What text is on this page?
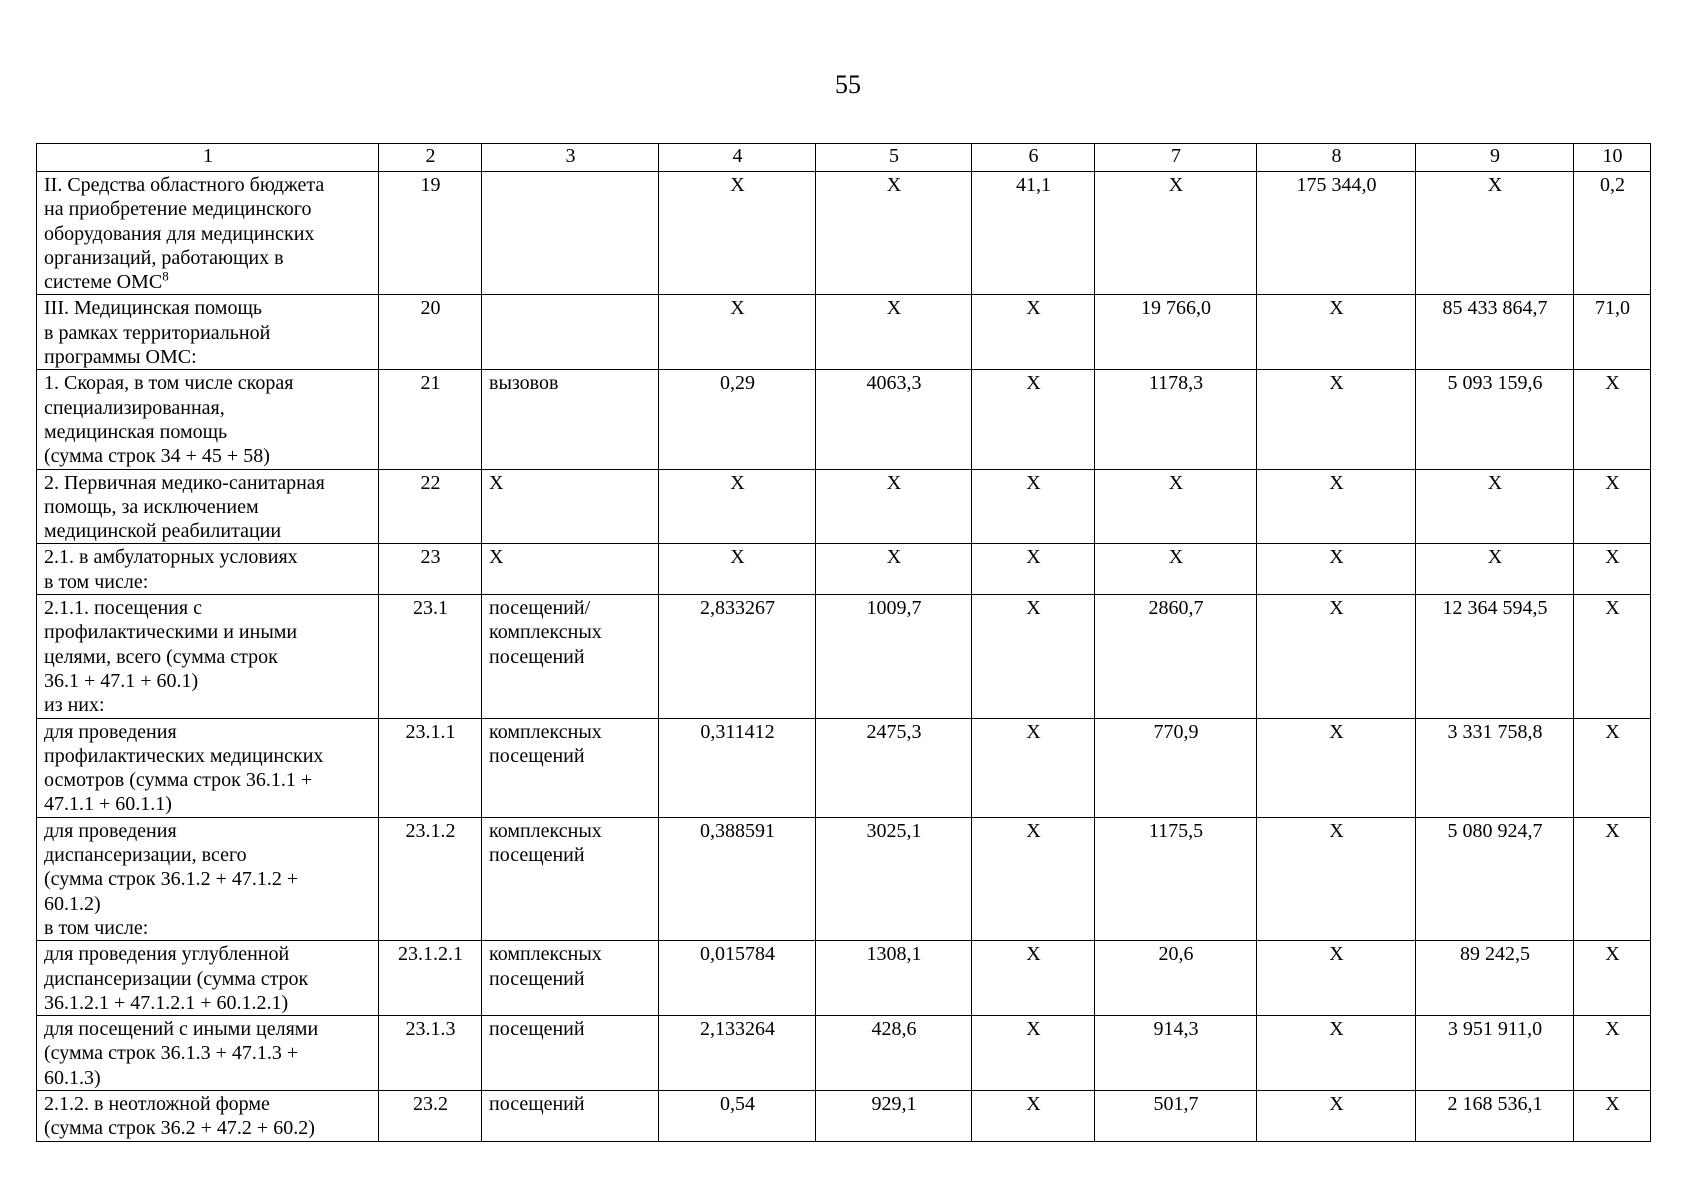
55
1	2	3	4	5	6	7	8	9	10
II. Средства областного бюджета
на приобретение медицинского
оборудования для медицинских
организаций, работающих в
системе ОМС$^8$	19		Х	Х	41,1	Х	175 344,0	Х	0,2
III. Медицинская помощь
в рамках территориальной
программы ОМС:	20		Х	Х	Х	19 766,0	Х	85 433 864,7	71,0
1. Скорая, в том числе скорая
специализированная,
медицинская помощь
(сумма строк 34 + 45 + 58)	21	вызовов	0,29	4063,3	Х	1178,3	Х	5 093 159,6	Х
2. Первичная медико-санитарная
помощь, за исключением
медицинской реабилитации	22	Х	Х	Х	Х	Х	Х	Х	Х
2.1. в амбулаторных условиях
в том числе:	23	Х	Х	Х	Х	Х	Х	Х	Х
2.1.1. посещения с
профилактическими и иными
целями, всего (сумма строк
36.1 + 47.1 + 60.1)
из них:	23.1	посещений/
комплексных
посещений	2,833267	1009,7	Х	2860,7	Х	12 364 594,5	Х
для проведения
профилактических медицинских
осмотров (сумма строк 36.1.1 +
47.1.1 + 60.1.1)	23.1.1	комплексных
посещений	0,311412	2475,3	Х	770,9	Х	3 331 758,8	Х
для проведения
диспансеризации, всего
(сумма строк 36.1.2 + 47.1.2 +
60.1.2)
в том числе:	23.1.2	комплексных
посещений	0,388591	3025,1	Х	1175,5	Х	5 080 924,7	Х
для проведения углубленной
диспансеризации (сумма строк
36.1.2.1 + 47.1.2.1 + 60.1.2.1)	23.1.2.1	комплексных
посещений	0,015784	1308,1	Х	20,6	Х	89 242,5	Х
для посещений с иными целями
(сумма строк 36.1.3 + 47.1.3 +
60.1.3)	23.1.3	посещений	2,133264	428,6	Х	914,3	Х	3 951 911,0	Х
2.1.2. в неотложной форме
(сумма строк 36.2 + 47.2 + 60.2)	23.2	посещений	0,54	929,1	Х	501,7	Х	2 168 536,1	Х
